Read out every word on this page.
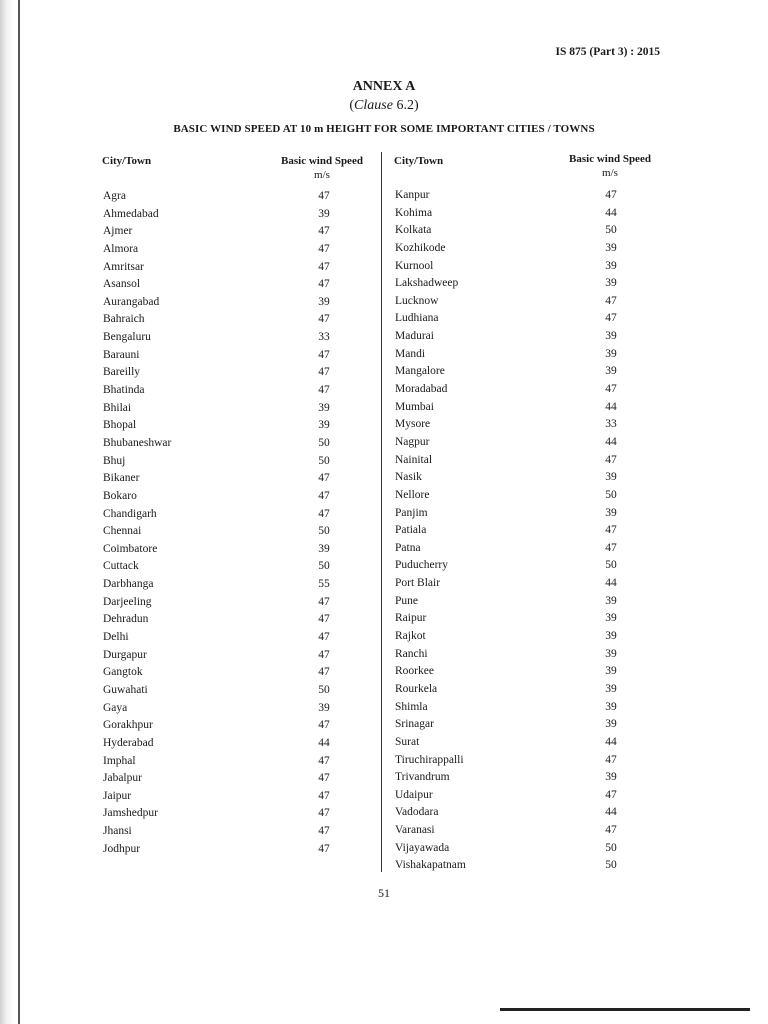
IS 875 (Part 3) : 2015
ANNEX A
(Clause 6.2)
BASIC WIND SPEED AT 10 m HEIGHT FOR SOME IMPORTANT CITIES / TOWNS
City/Town	Basic wind Speed
m/s
City/Town	Basic wind Speed
m/s
Agra
Ahmedabad
Ajmer
Almora
Amritsar
Asansol
Aurangabad
Bahraich
Bengaluru
Barauni
Bareilly
Bhatinda
Bhilai
Bhopal
Bhubaneshwar
Bhuj
Bikaner
Bokaro
Chandigarh
Chennai
Coimbatore
Cuttack
Darbhanga
Darjeeling
Dehradun
Delhi
Durgapur
Gangtok
Guwahati
Gaya
Gorakhpur
Hyderabad
Imphal
Jabalpur
Jaipur
Jamshedpur
Jhansi
Jodhpur
47
39
47
47
47
47
39
47
33
47
47
47
39
39
50
50
47
47
47
50
39
50
55
47
47
47
47
47
50
39
47
44
47
47
47
47
47
47
Kanpur
Kohima
Kolkata
Kozhikode
Kurnool
Lakshadweep
Lucknow
Ludhiana
Madurai
Mandi
Mangalore
Moradabad
Mumbai
Mysore
Nagpur
Nainital
Nasik
Nellore
Panjim
Patiala
Patna
Puducherry
Port Blair
Pune
Raipur
Rajkot
Ranchi
Roorkee
Rourkela
Shimla
Srinagar
Surat
Tiruchirappalli
Trivandrum
Udaipur
Vadodara
Varanasi
Vijayawada
Vishakapatnam
47
44
50
39
39
39
47
47
39
39
39
47
44
33
44
47
39
50
39
47
47
50
44
39
39
39
39
39
39
39
39
44
47
39
47
44
47
50
50
51
